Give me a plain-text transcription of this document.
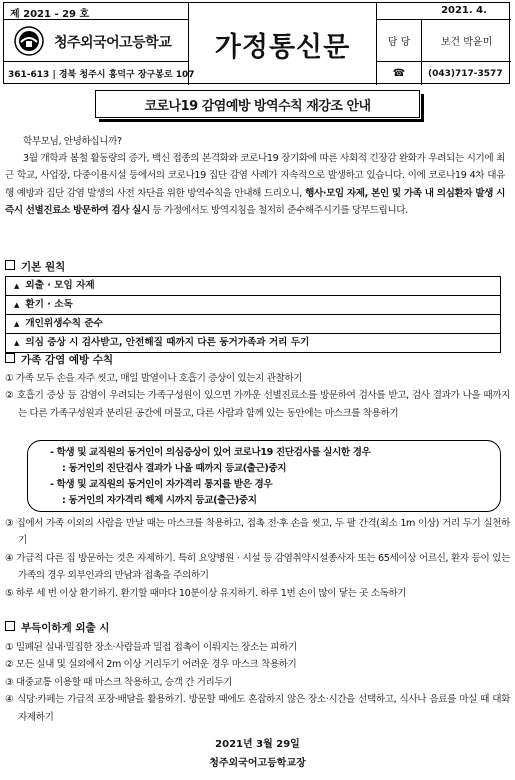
제 2021 - 29 호
청주외국어고등학교
361-613 | 경북 청주시 흥덕구 장구봉로 107
가정통신문
2021. 4.
담 당	보건 박윤미
☎	(043)717-3577
코로나19 감염예방 방역수칙 재강조 안내

학부모님, 안녕하십니까?

3월 개학과 봄철 활동량의 증가, 백신 접종의 본격화와 코로나19 장기화에 따른 사회적 긴장감 완화가 우려되는 시기에 최근 학교, 사업장, 다중이용시설 등에서의 코로나19 집단 감염 사례가 지속적으로 발생하고 있습니다. 이에 코로나19 4차 대유행 예방과 집단 감염 발생의 사전 차단을 위한 방역수칙을 안내해 드리오니, 행사·모임 자제, 본인 및 가족 내 의심환자 발생 시 즉시 선별진료소 방문하여 검사 실시 등 가정에서도 방역지침을 철저히 준수해주시기를 당부드립니다.

기본 원칙
▲ 외출 · 모임 자제
▲ 환기 · 소독
▲ 개인위생수칙 준수
▲ 의심 증상 시 검사받고, 안전해질 때까지 다른 동거가족과 거리 두기
가족 감염 예방 수칙

① 가족 모두 손을 자주 씻고, 매일 발열이나 호흡기 증상이 있는지 관찰하기

② 호흡기 증상 등 감염이 우려되는 가족구성원이 있으면 가까운 선별진료소를 방문하여 검사를 받고, 검사 결과가 나올 때까지는 다른 가족구성원과 분리된 공간에 머물고, 다른 사람과 함께 있는 동안에는 마스크를 착용하기

- 학생 및 교직원의 동거인이 의심증상이 있어 코로나19 진단검사를 실시한 경우
: 동거인의 진단검사 결과가 나올 때까지 등교(출근)중지
- 학생 및 교직원의 동거인이 자가격리 통지를 받은 경우
: 동거인의 자가격리 해제 시까지 등교(출근)중지

③ 집에서 가족 이외의 사람을 만날 때는 마스크를 착용하고, 접촉 전·후 손을 씻고, 두 팔 간격(최소 1m 이상) 거리 두기 실천하기

④ 가급적 다른 집 방문하는 것은 자제하기. 특히 요양병원 · 시설 등 감염취약시설종사자 또는 65세이상 어르신, 환자 등이 있는 가족의 경우 외부인과의 만남과 접촉을 주의하기

⑤ 하루 세 번 이상 환기하기. 환기할 때마다 10분이상 유지하기. 하루 1번 손이 많이 닿는 곳 소독하기

부득이하게 외출 시

① 밀폐된 실내·밀집한 장소·사람들과 밀접 접촉이 이뤄지는 장소는 피하기

② 모든 실내 및 실외에서 2m 이상 거리두기 어려운 경우 마스크 착용하기

③ 대중교통 이용할 때 마스크 착용하고, 승객 간 거리두기

④ 식당·카페는 가급적 포장·배달을 활용하기. 방문할 때에도 혼잡하지 않은 장소·시간을 선택하고, 식사나 음료를 마실 때 대화 자제하기

2021년 3월 29일
청주외국어고등학교장
